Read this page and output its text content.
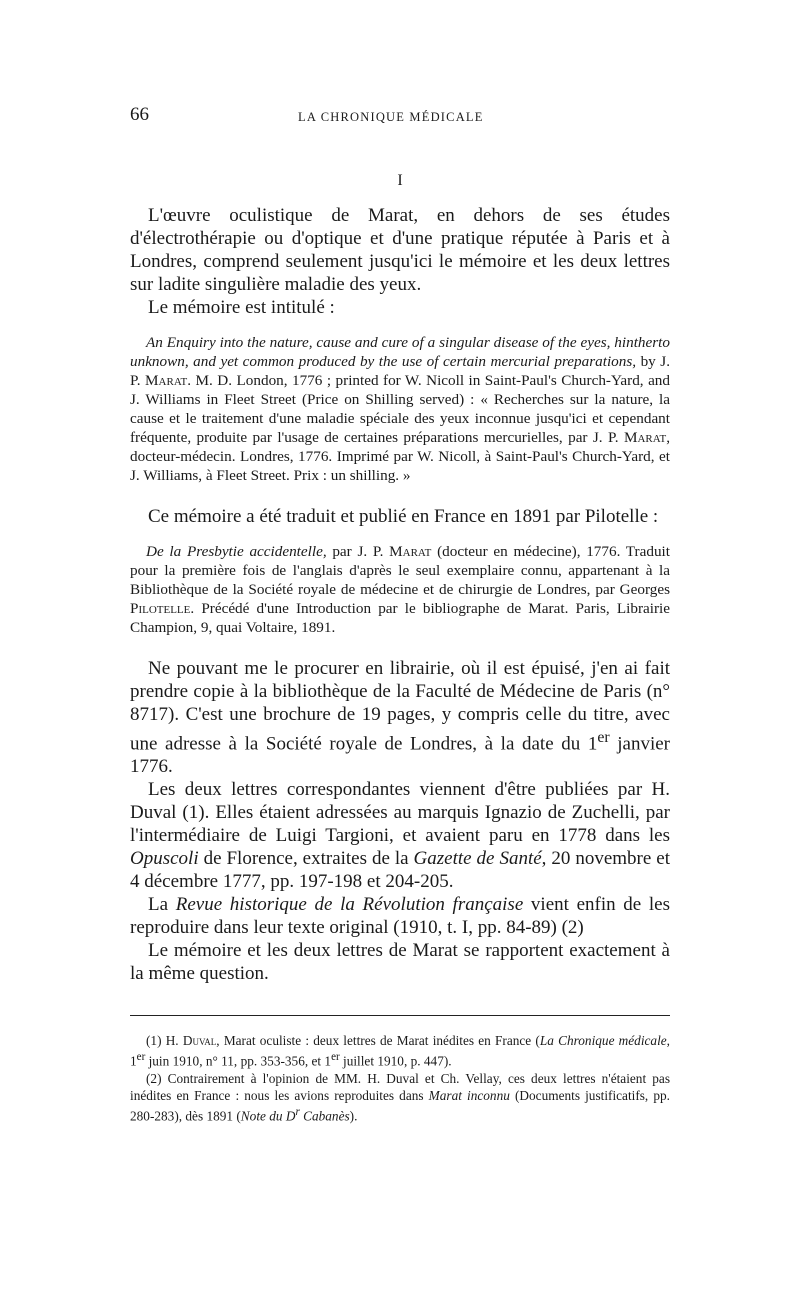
66	LA CHRONIQUE MÉDICALE
I

L'œuvre oculistique de Marat, en dehors de ses études d'électrothérapie ou d'optique et d'une pratique réputée à Paris et à Londres, comprend seulement jusqu'ici le mémoire et les deux lettres sur ladite singulière maladie des yeux.

Le mémoire est intitulé :

An Enquiry into the nature, cause and cure of a singular disease of the eyes, hintherto unknown, and yet common produced by the use of certain mercurial preparations, by J. P. Marat. M. D. London, 1776 ; printed for W. Nicoll in Saint-Paul's Church-Yard, and J. Williams in Fleet Street (Price on Shilling served) : « Recherches sur la nature, la cause et le traitement d'une maladie spéciale des yeux inconnue jusqu'ici et cependant fréquente, produite par l'usage de certaines préparations mercurielles, par J. P. Marat, docteur-médecin. Londres, 1776. Imprimé par W. Nicoll, à Saint-Paul's Church-Yard, et J. Williams, à Fleet Street. Prix : un shilling. »

Ce mémoire a été traduit et publié en France en 1891 par Pilotelle :

De la Presbytie accidentelle, par J. P. Marat (docteur en médecine), 1776. Traduit pour la première fois de l'anglais d'après le seul exemplaire connu, appartenant à la Bibliothèque de la Société royale de médecine et de chirurgie de Londres, par Georges Pilotelle. Précédé d'une Introduction par le bibliographe de Marat. Paris, Librairie Champion, 9, quai Voltaire, 1891.

Ne pouvant me le procurer en librairie, où il est épuisé, j'en ai fait prendre copie à la bibliothèque de la Faculté de Médecine de Paris (n° 8717). C'est une brochure de 19 pages, y compris celle du titre, avec une adresse à la Société royale de Londres, à la date du 1er janvier 1776.

Les deux lettres correspondantes viennent d'être publiées par H. Duval (1). Elles étaient adressées au marquis Ignazio de Zuchelli, par l'intermédiaire de Luigi Targioni, et avaient paru en 1778 dans les Opuscoli de Florence, extraites de la Gazette de Santé, 20 novembre et 4 décembre 1777, pp. 197-198 et 204-205.

La Revue historique de la Révolution française vient enfin de les reproduire dans leur texte original (1910, t. I, pp. 84-89) (2)

Le mémoire et les deux lettres de Marat se rapportent exactement à la même question.

(1) H. Duval, Marat oculiste : deux lettres de Marat inédites en France (La Chronique médicale, 1er juin 1910, n° 11, pp. 353-356, et 1er juillet 1910, p. 447).

(2) Contrairement à l'opinion de MM. H. Duval et Ch. Vellay, ces deux lettres n'étaient pas inédites en France : nous les avions reproduites dans Marat inconnu (Documents justificatifs, pp. 280-283), dès 1891 (Note du $D^r$ Cabanès).
